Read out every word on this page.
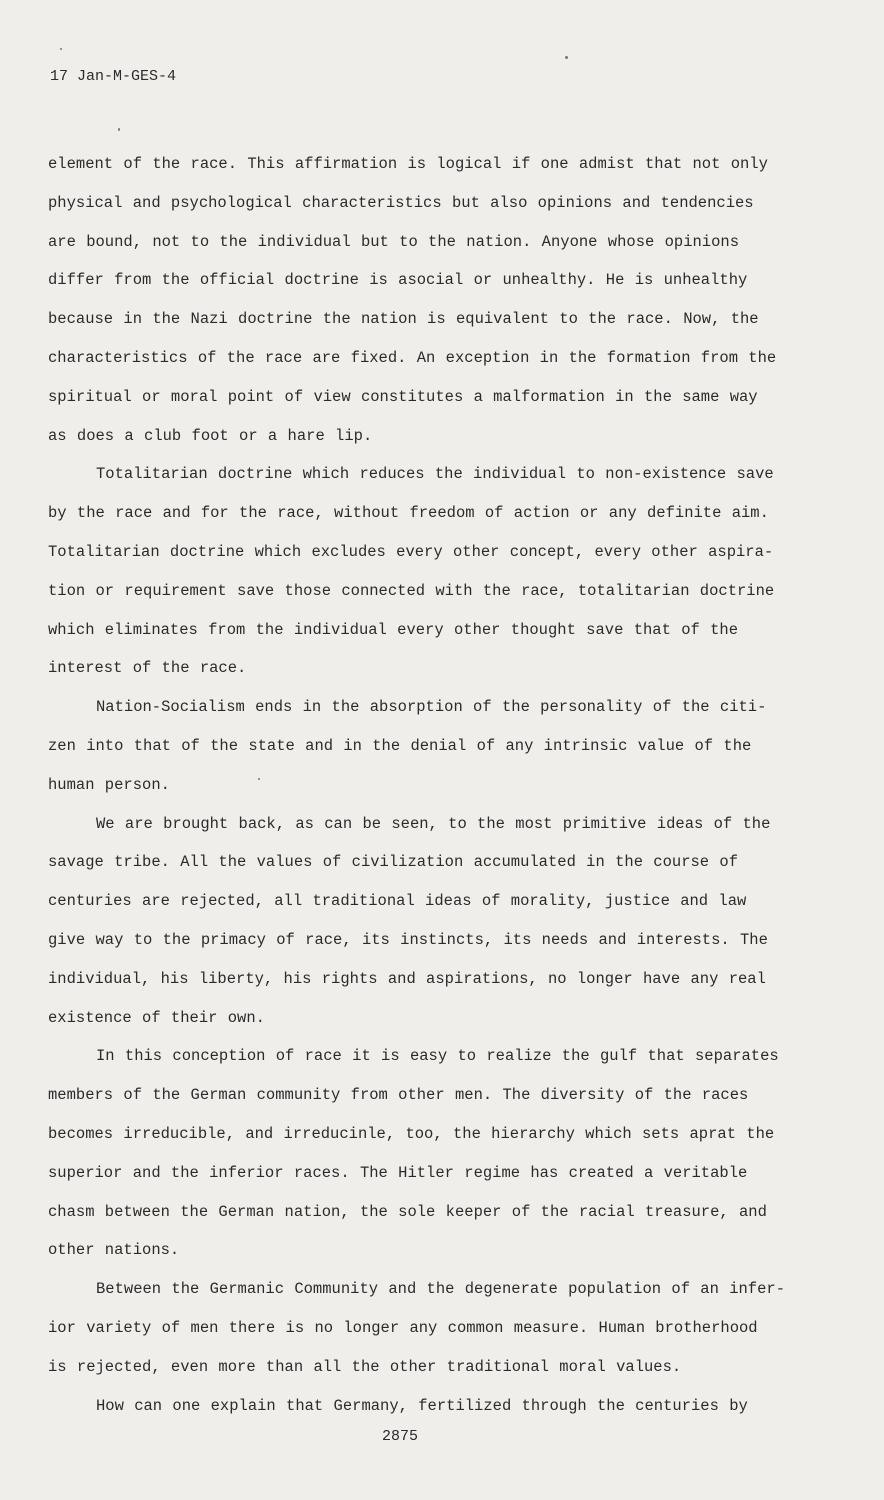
17 Jan-M-GES-4
element of the race. This affirmation is logical if one admist that not only
physical and psychological characteristics but also opinions and tendencies
are bound, not to the individual but to the nation. Anyone whose opinions
differ from the official doctrine is asocial or unhealthy. He is unhealthy
because in the Nazi doctrine the nation is equivalent to the race. Now, the
characteristics of the race are fixed. An exception in the formation from the
spiritual or moral point of view constitutes a malformation in the same way
as does a club foot or a hare lip.
Totalitarian doctrine which reduces the individual to non-existence save
by the race and for the race, without freedom of action or any definite aim.
Totalitarian doctrine which excludes every other concept, every other aspira-
tion or requirement save those connected with the race, totalitarian doctrine
which eliminates from the individual every other thought save that of the
interest of the race.
Nation-Socialism ends in the absorption of the personality of the citi-
zen into that of the state and in the denial of any intrinsic value of the
human person.
We are brought back, as can be seen, to the most primitive ideas of the
savage tribe. All the values of civilization accumulated in the course of
centuries are rejected, all traditional ideas of morality, justice and law
give way to the primacy of race, its instincts, its needs and interests. The
individual, his liberty, his rights and aspirations, no longer have any real
existence of their own.
In this conception of race it is easy to realize the gulf that separates
members of the German community from other men. The diversity of the races
becomes irreducible, and irreducinle, too, the hierarchy which sets aprat the
superior and the inferior races. The Hitler regime has created a veritable
chasm between the German nation, the sole keeper of the racial treasure, and
other nations.
Between the Germanic Community and the degenerate population of an infer-
ior variety of men there is no longer any common measure. Human brotherhood
is rejected, even more than all the other traditional moral values.
How can one explain that Germany, fertilized through the centuries by
2875
